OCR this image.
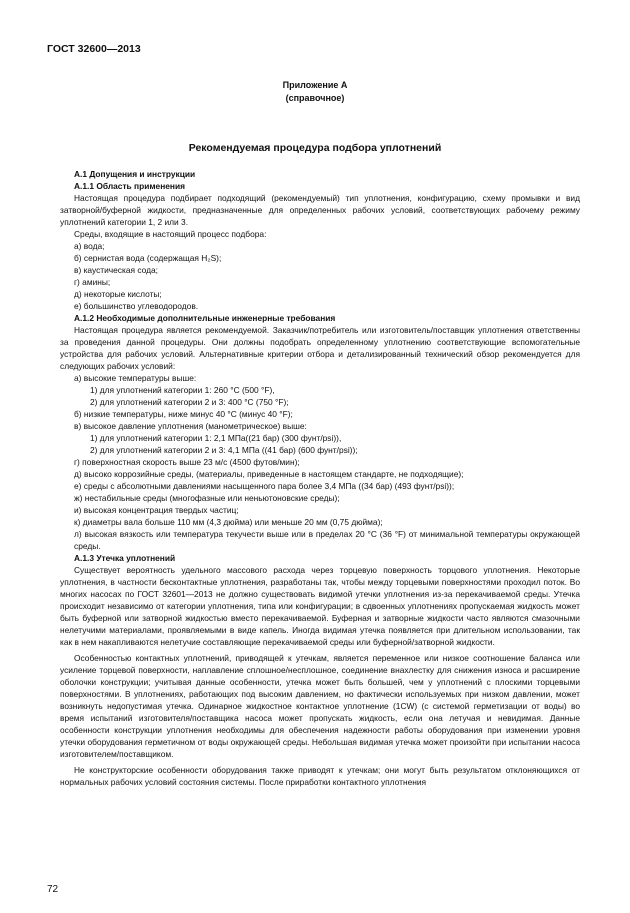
ГОСТ 32600—2013
Приложение А
(справочное)
Рекомендуемая процедура подбора уплотнений

А.1 Допущения и инструкции

А.1.1 Область применения

Настоящая процедура подбирает подходящий (рекомендуемый) тип уплотнения, конфигурацию, схему промывки и вид затворной/буферной жидкости, предназначенные для определенных рабочих условий, соответствующих рабочему режиму уплотнений категории 1, 2 или 3.

Среды, входящие в настоящий процесс подбора:

а) вода;

б) сернистая вода (содержащая H₂S);

в) каустическая сода;

г) амины;

д) некоторые кислоты;

е) большинство углеводородов.

А.1.2 Необходимые дополнительные инженерные требования

Настоящая процедура является рекомендуемой. Заказчик/потребитель или изготовитель/поставщик уплотнения ответственны за проведения данной процедуры. Они должны подобрать определенному уплотнению соответствующие вспомогательные устройства для рабочих условий. Альтернативные критерии отбора и детализированный технический обзор рекомендуется для следующих рабочих условий:

а) высокие температуры выше:

1) для уплотнений категории 1: 260 °С (500 °F),

2) для уплотнений категории 2 и 3: 400 °С (750 °F);

б) низкие температуры, ниже минус 40 °С (минус 40 °F);

в) высокое давление уплотнения (манометрическое) выше:

1) для уплотнений категории 1: 2,1 МПа((21 бар) (300 фунт/psi)),

2) для уплотнений категории 2 и 3: 4,1 МПа ((41 бар) (600 фунт/psi));

г) поверхностная скорость выше 23 м/с (4500 футов/мин);

д) высоко коррозийные среды, (материалы, приведенные в настоящем стандарте, не подходящие);

е) среды с абсолютными давлениями насыщенного пара более 3,4 МПа ((34 бар) (493 фунт/psi));

ж) нестабильные среды (многофазные или неньютоновские среды);

и) высокая концентрация твердых частиц;

к) диаметры вала больше 110 мм (4,3 дюйма) или меньше 20 мм (0,75 дюйма);

л) высокая вязкость или температура текучести выше или в пределах 20 °С (36 °F) от минимальной температуры окружающей среды.

А.1.3 Утечка уплотнений

Существует вероятность удельного массового расхода через торцевую поверхность торцового уплотнения. Некоторые уплотнения, в частности бесконтактные уплотнения, разработаны так, чтобы между торцевыми поверхностями проходил поток. Во многих насосах по ГОСТ 32601—2013 не должно существовать видимой утечки уплотнения из-за перекачиваемой среды. Утечка происходит независимо от категории уплотнения, типа или конфигурации; в сдвоенных уплотнениях пропускаемая жидкость может быть буферной или затворной жидкостью вместо перекачиваемой. Буферная и затворные жидкости часто являются смазочными нелетучими материалами, проявляемыми в виде капель. Иногда видимая утечка появляется при длительном использовании, так как в нем накапливаются нелетучие составляющие перекачиваемой среды или буферной/затворной жидкости.

Особенностью контактных уплотнений, приводящей к утечкам, является переменное или низкое соотношение баланса или усиление торцевой поверхности, наплавление сплошное/несплошное, соединение внахлестку для снижения износа и расширение оболочки конструкции; учитывая данные особенности, утечка может быть большей, чем у уплотнений с плоскими торцевыми поверхностями. В уплотнениях, работающих под высоким давлением, но фактически используемых при низком давлении, может возникнуть недопустимая утечка. Одинарное жидкостное контактное уплотнение (1CW) (с системой герметизации от воды) во время испытаний изготовителя/поставщика насоса может пропускать жидкость, если она летучая и невидимая. Данные особенности конструкции уплотнения необходимы для обеспечения надежности работы оборудования при изменении уровня утечки оборудования герметичном от воды окружающей среды. Небольшая видимая утечка может произойти при испытании насоса изготовителем/поставщиком.

Не конструкторские особенности оборудования также приводят к утечкам; они могут быть результатом отклоняющихся от нормальных рабочих условий состояния системы. После приработки контактного уплотнения

72
